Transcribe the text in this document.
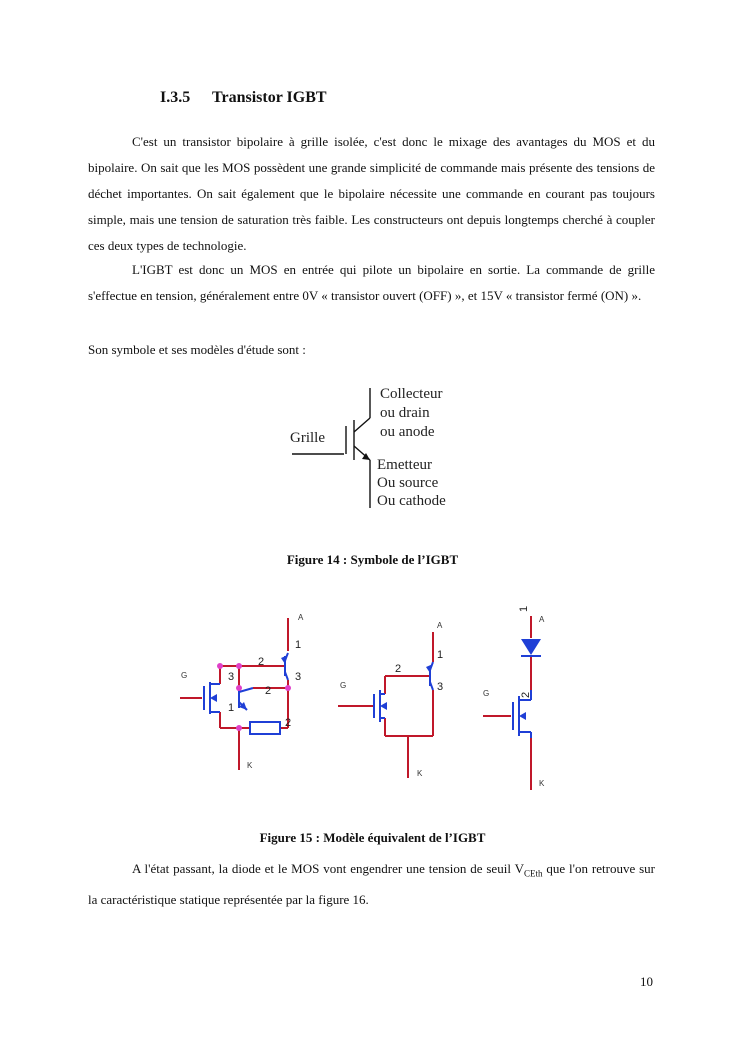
I.3.5 Transistor IGBT

C'est un transistor bipolaire à grille isolée, c'est donc le mixage des avantages du MOS et du bipolaire. On sait que les MOS possèdent une grande simplicité de commande mais présente des tensions de déchet importantes. On sait également que le bipolaire nécessite une commande en courant pas toujours simple, mais une tension de saturation très faible. Les constructeurs ont depuis longtemps cherché à coupler ces deux types de technologie.

L'IGBT est donc un MOS en entrée qui pilote un bipolaire en sortie. La commande de grille s'effectue en tension, généralement entre 0V « transistor ouvert (OFF) », et 15V « transistor fermé (ON) ».

Son symbole et ses modèles d'étude sont :

Grille
Collecteur
ou drain
ou anode
Emetteur
Ou source
Ou cathode
Figure 14 : Symbole de l’IGBT
G
A
K
1
2
3
3
2
1
2
G
A
K
1
2
3
G
A
K
1
2
Figure 15 : Modèle équivalent de l’IGBT

A l'état passant, la diode et le MOS vont engendrer une tension de seuil $V_{CEth}$ que l'on retrouve sur la caractéristique statique représentée par la figure 16.

10
